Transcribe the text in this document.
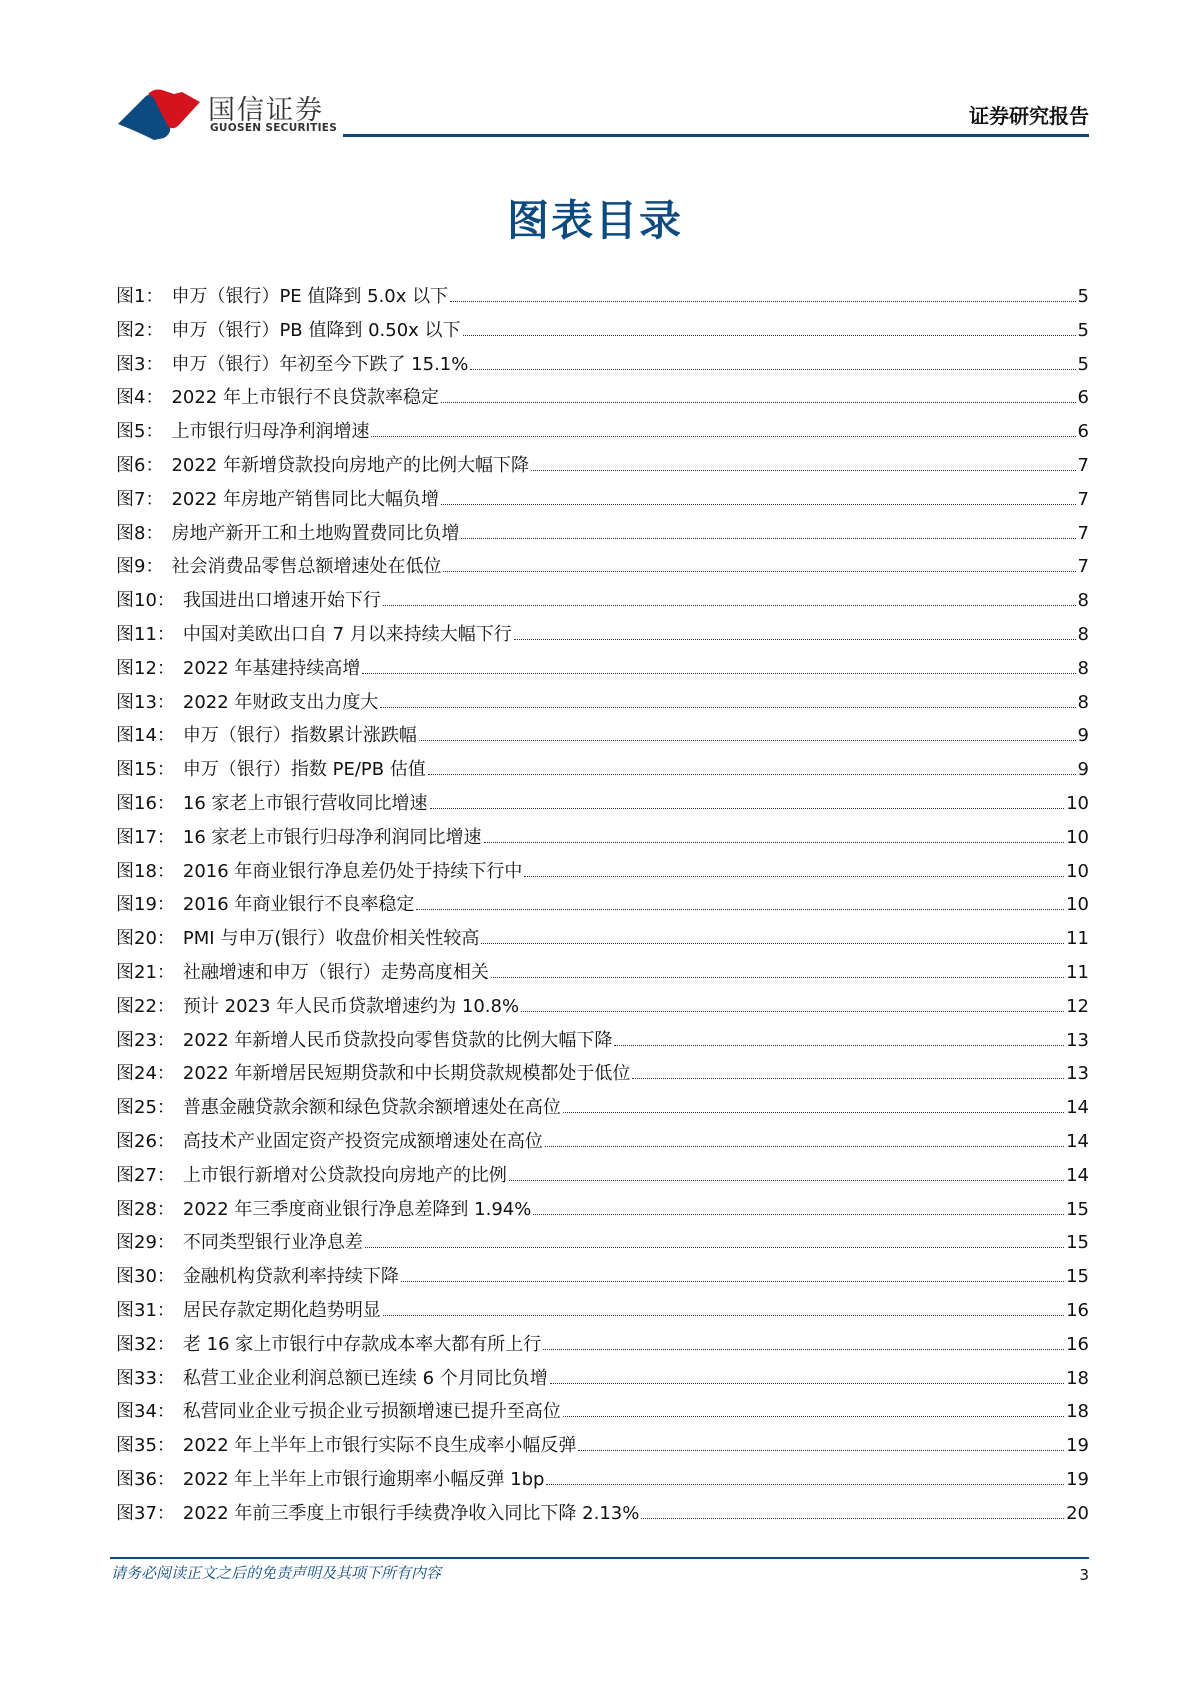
国信证券
GUOSEN SECURITIES	证券研究报告
图表目录
图1： 申万（银行）PE 值降到 5.0x 以下	5
图2： 申万（银行）PB 值降到 0.50x 以下	5
图3： 申万（银行）年初至今下跌了 15.1%	5
图4： 2022 年上市银行不良贷款率稳定	6
图5： 上市银行归母净利润增速	6
图6： 2022 年新增贷款投向房地产的比例大幅下降	7
图7： 2022 年房地产销售同比大幅负增	7
图8： 房地产新开工和土地购置费同比负增	7
图9： 社会消费品零售总额增速处在低位	7
图10： 我国进出口增速开始下行	8
图11： 中国对美欧出口自 7 月以来持续大幅下行	8
图12： 2022 年基建持续高增	8
图13： 2022 年财政支出力度大	8
图14： 申万（银行）指数累计涨跌幅	9
图15： 申万（银行）指数 PE/PB 估值	9
图16： 16 家老上市银行营收同比增速	10
图17： 16 家老上市银行归母净利润同比增速	10
图18： 2016 年商业银行净息差仍处于持续下行中	10
图19： 2016 年商业银行不良率稳定	10
图20： PMI 与申万(银行）收盘价相关性较高	11
图21： 社融增速和申万（银行）走势高度相关	11
图22： 预计 2023 年人民币贷款增速约为 10.8%	12
图23： 2022 年新增人民币贷款投向零售贷款的比例大幅下降	13
图24： 2022 年新增居民短期贷款和中长期贷款规模都处于低位	13
图25： 普惠金融贷款余额和绿色贷款余额增速处在高位	14
图26： 高技术产业固定资产投资完成额增速处在高位	14
图27： 上市银行新增对公贷款投向房地产的比例	14
图28： 2022 年三季度商业银行净息差降到 1.94%	15
图29： 不同类型银行业净息差	15
图30： 金融机构贷款利率持续下降	15
图31： 居民存款定期化趋势明显	16
图32： 老 16 家上市银行中存款成本率大都有所上行	16
图33： 私营工业企业利润总额已连续 6 个月同比负增	18
图34： 私营同业企业亏损企业亏损额增速已提升至高位	18
图35： 2022 年上半年上市银行实际不良生成率小幅反弹	19
图36： 2022 年上半年上市银行逾期率小幅反弹 1bp	19
图37： 2022 年前三季度上市银行手续费净收入同比下降 2.13%	20
请务必阅读正文之后的免责声明及其项下所有内容	3
